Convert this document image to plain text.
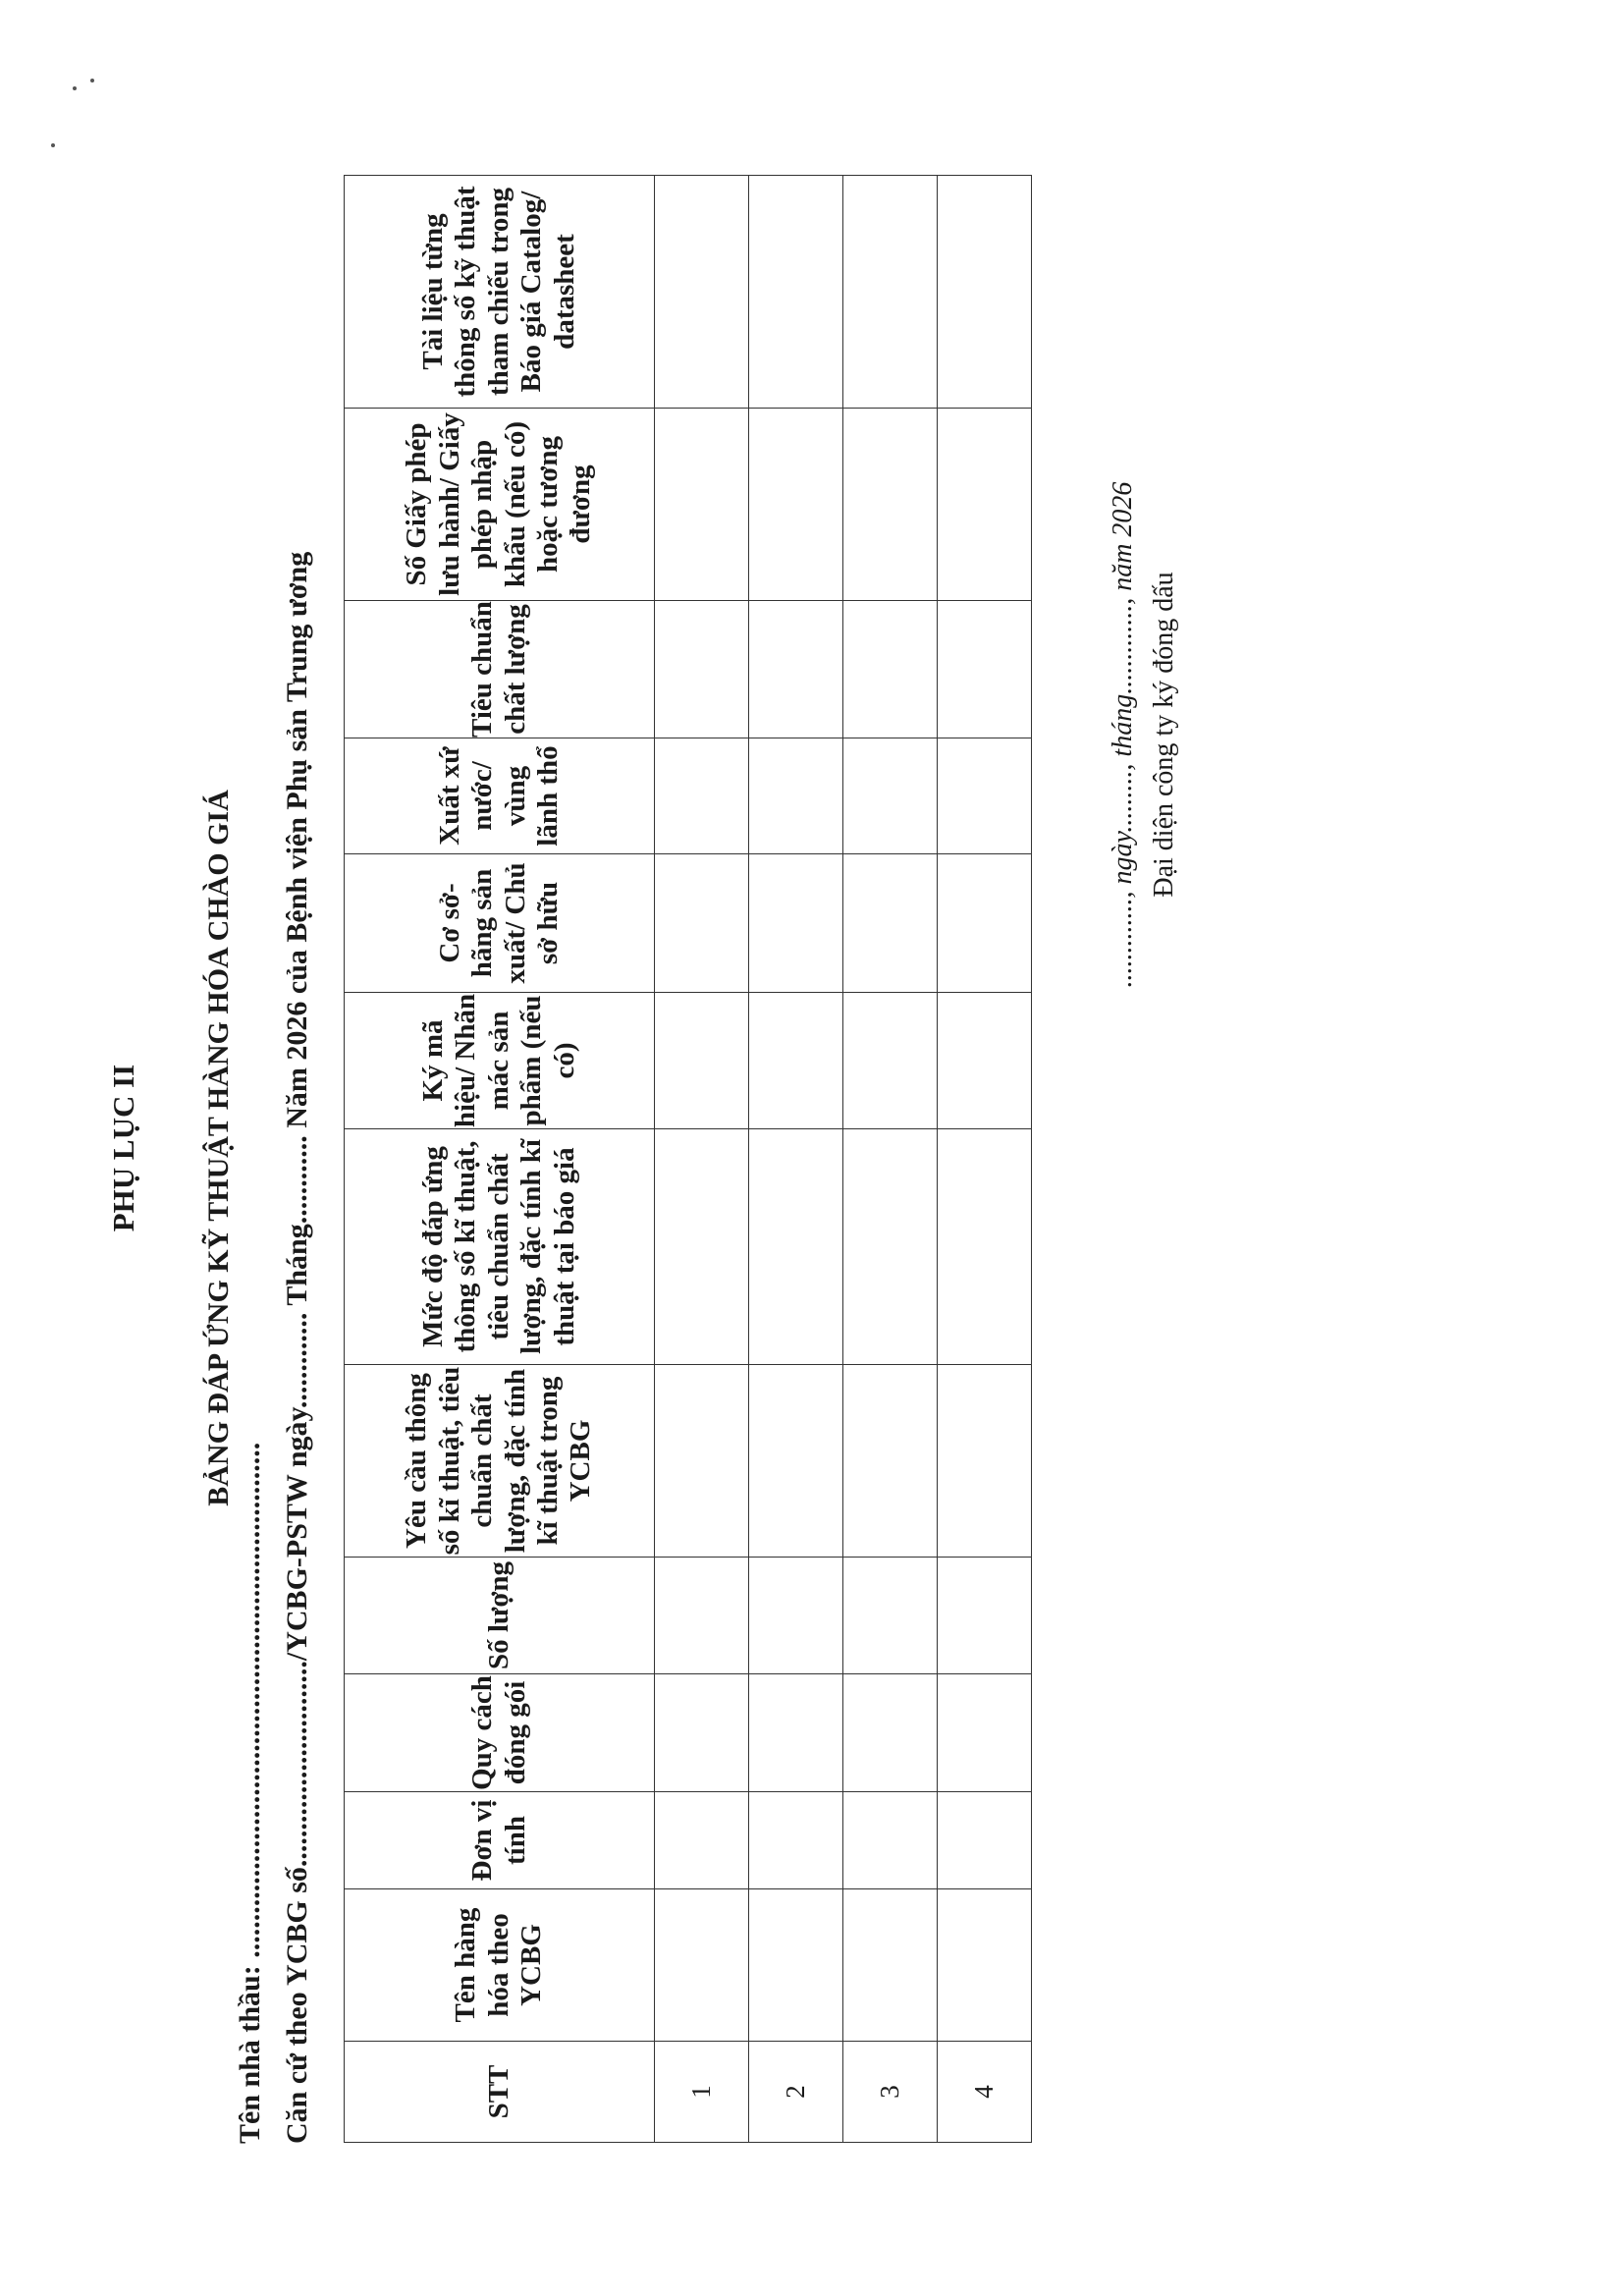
PHỤ LỤC II BẢNG ĐÁP ỨNG KỸ THUẬT HÀNG HÓA CHÀO GIÁ
Tên nhà thầu: ...................................................................... Căn cứ theo YCBG số............................/YCBG-PSTW ngày............. Tháng............ Năm 2026 của Bệnh viện Phụ sản Trung ương	STT	Tên hàng hóa theo YCBG	Đơn vị tính	Quy cách đóng gói	Số lượng	Yêu cầu thông số kĩ thuật, tiêu chuẩn chất lượng, đặc tính kĩ thuật trong YCBG	Mức độ đáp ứng thông số kĩ thuật, tiêu chuẩn chất lượng, đặc tính kĩ thuật tại báo giá	Ký mã hiệu/ Nhãn mác sản phẩm (nếu có)	Cơ sở- hãng sản xuất/ Chủ sở hữu	Xuất xứ nước/ vùng lãnh thổ	Tiêu chuẩn chất lượng	Số Giấy phép lưu hành/ Giấy phép nhập khẩu (nếu có) hoặc tương đương	Tài liệu từng thông số kỹ thuật tham chiếu trong Báo giá Catalog/ datasheet
1												
2												
3												
4												
............., ngày........., tháng............., năm 2026 Đại diện công ty ký đóng dấu
